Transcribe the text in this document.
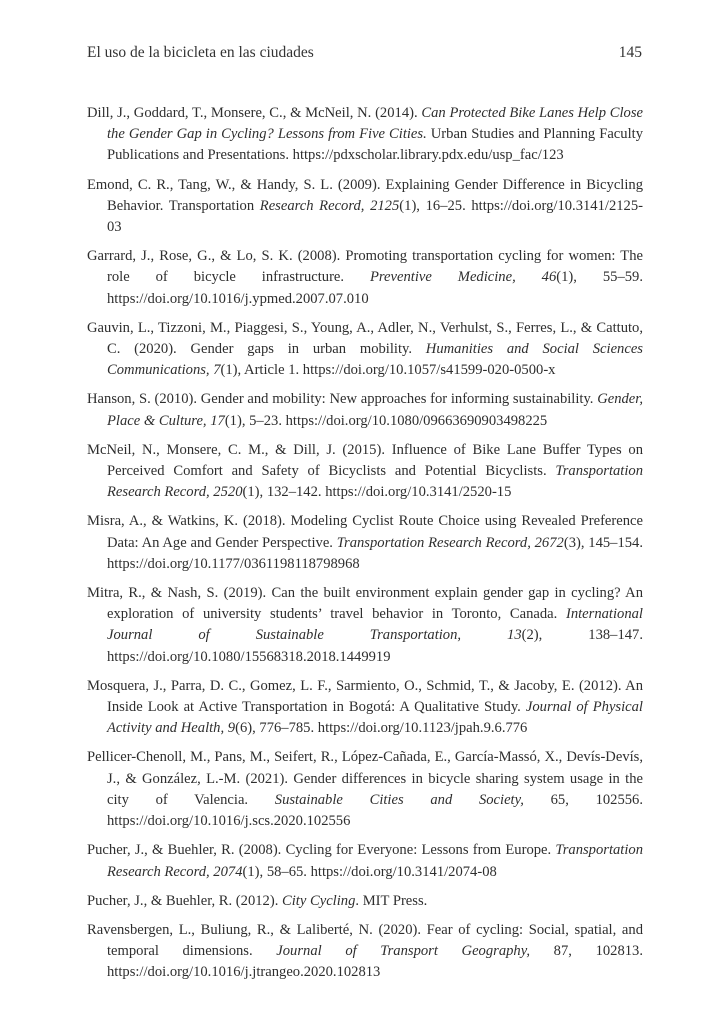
El uso de la bicicleta en las ciudades	145

Dill, J., Goddard, T., Monsere, C., & McNeil, N. (2014). Can Protected Bike Lanes Help Close the Gender Gap in Cycling? Lessons from Five Cities. Urban Studies and Planning Faculty Publications and Presentations. https://pdxscholar.library.pdx.edu/usp_fac/123

Emond, C. R., Tang, W., & Handy, S. L. (2009). Explaining Gender Difference in Bicycling Behavior. Transportation Research Record, 2125(1), 16–25. https://doi.org/10.3141/2125-03

Garrard, J., Rose, G., & Lo, S. K. (2008). Promoting transportation cycling for women: The role of bicycle infrastructure. Preventive Medicine, 46(1), 55–59. https://doi.org/10.1016/j.ypmed.2007.07.010

Gauvin, L., Tizzoni, M., Piaggesi, S., Young, A., Adler, N., Verhulst, S., Ferres, L., & Cattuto, C. (2020). Gender gaps in urban mobility. Humanities and Social Sciences Communications, 7(1), Article 1. https://doi.org/10.1057/s41599-020-0500-x

Hanson, S. (2010). Gender and mobility: New approaches for informing sustainability. Gender, Place & Culture, 17(1), 5–23. https://doi.org/10.1080/09663690903498225

McNeil, N., Monsere, C. M., & Dill, J. (2015). Influence of Bike Lane Buffer Types on Perceived Comfort and Safety of Bicyclists and Potential Bicyclists. Transportation Research Record, 2520(1), 132–142. https://doi.org/10.3141/2520-15

Misra, A., & Watkins, K. (2018). Modeling Cyclist Route Choice using Revealed Preference Data: An Age and Gender Perspective. Transportation Research Record, 2672(3), 145–154. https://doi.org/10.1177/0361198118798968

Mitra, R., & Nash, S. (2019). Can the built environment explain gender gap in cycling? An exploration of university students’ travel behavior in Toronto, Canada. International Journal of Sustainable Transportation, 13(2), 138–147. https://doi.org/10.1080/15568318.2018.1449919

Mosquera, J., Parra, D. C., Gomez, L. F., Sarmiento, O., Schmid, T., & Jacoby, E. (2012). An Inside Look at Active Transportation in Bogotá: A Qualitative Study. Journal of Physical Activity and Health, 9(6), 776–785. https://doi.org/10.1123/jpah.9.6.776

Pellicer-Chenoll, M., Pans, M., Seifert, R., López-Cañada, E., García-Massó, X., Devís-Devís, J., & González, L.-M. (2021). Gender differences in bicycle sharing system usage in the city of Valencia. Sustainable Cities and Society, 65, 102556. https://doi.org/10.1016/j.scs.2020.102556

Pucher, J., & Buehler, R. (2008). Cycling for Everyone: Lessons from Europe. Transportation Research Record, 2074(1), 58–65. https://doi.org/10.3141/2074-08

Pucher, J., & Buehler, R. (2012). City Cycling. MIT Press.

Ravensbergen, L., Buliung, R., & Laliberté, N. (2020). Fear of cycling: Social, spatial, and temporal dimensions. Journal of Transport Geography, 87, 102813. https://doi.org/10.1016/j.jtrangeo.2020.102813
